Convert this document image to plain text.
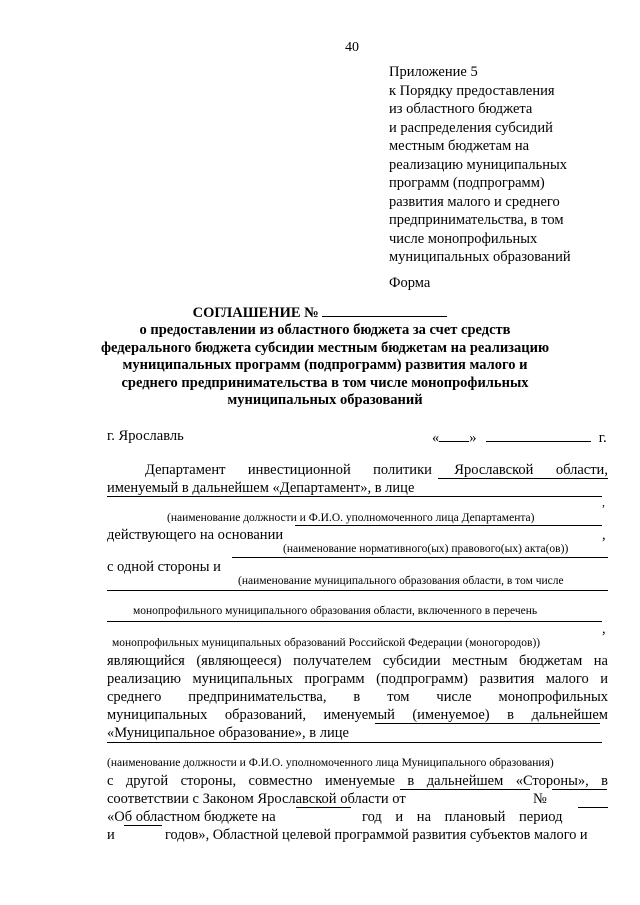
40
Приложение 5
к Порядку предоставления
из областного бюджета
и распределения субсидий
местным бюджетам на
реализацию муниципальных
программ (подпрограмм)
развития малого и среднего
предпринимательства, в том
числе монопрофильных
муниципальных образований
Форма
СОГЛАШЕНИЕ №
о предоставлении из областного бюджета за счет средств федерального бюджета субсидии местным бюджетам на реализацию муниципальных программ (подпрограмм) развития малого и среднего предпринимательства в том числе монопрофильных муниципальных образований
г. Ярославль	« »	г.
Департамент инвестиционной политики Ярославской области,
именуемый в дальнейшем «Департамент», в лице
,
(наименование должности и Ф.И.О. уполномоченного лица Департамента)
действующего на основании	,
(наименование нормативного(ых) правового(ых) акта(ов))
с одной стороны и
(наименование муниципального образования области, в том числе
монопрофильного муниципального образования области, включенного в перечень
,
монопрофильных муниципальных образований Российской Федерации (моногородов))
являющийся (являющееся) получателем субсидии местным бюджетам на
реализацию муниципальных программ (подпрограмм) развития малого и
среднего предпринимательства, в том числе монопрофильных
муниципальных образований, именуемый (именуемое) в дальнейшем
«Муниципальное образование», в лице
(наименование должности и Ф.И.О. уполномоченного лица Муниципального образования)
с другой стороны, совместно именуемые в дальнейшем «Стороны», в
соответствии с Законом Ярославской области от	№
«Об областном бюджете на	год и на плановый период
и	годов», Областной целевой программой развития субъектов малого и
